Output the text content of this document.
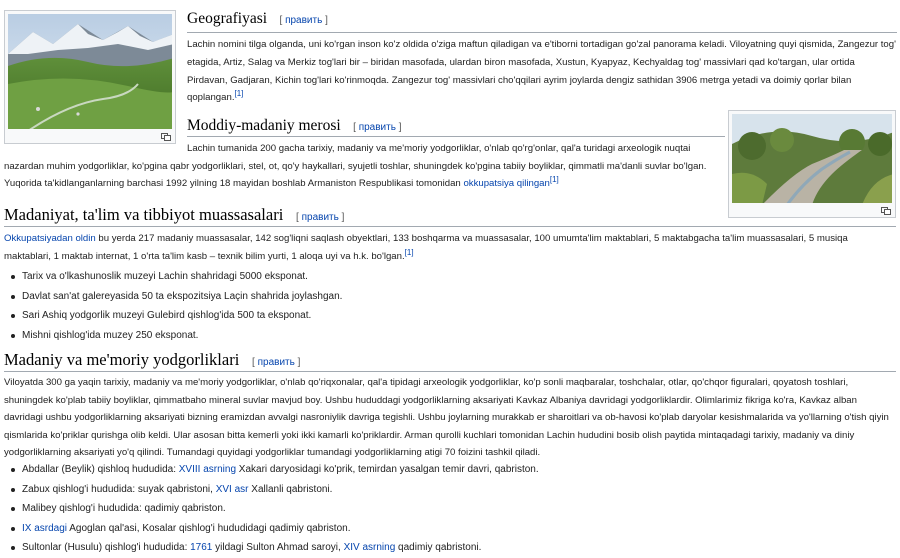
Geografiyasi [ править ]

Lachin nomini tilga olganda, uni ko'rgan inson ko'z oldida o'ziga maftun qiladigan va e'tiborni tortadigan go'zal panorama keladi. Viloyatning quyi qismida, Zangezur tog' etagida, Artiz, Salag va Merkiz tog'lari bir – biridan masofada, ulardan biron masofada, Xustun, Kyapyaz, Kechyaldag tog' massivlari qad ko'targan, ular ortida Pirdavan, Gadjaran, Kichin tog'lari ko'rinmoqda. Zangezur tog' massivlari cho'qqilari ayrim joylarda dengiz sathidan 3906 metrga yetadi va doimiy qorlar bilan qoplangan.[1]

Moddiy-madaniy merosi [ править ]

Lachin tumanida 200 gacha tarixiy, madaniy va me'moriy yodgorliklar, o'nlab qo'rg'onlar, qal'a turidagi arxeologik nuqtai nazardan muhim yodgorliklar, ko'pgina qabr yodgorliklari, stel, ot, qo'y haykallari, syujetli toshlar, shuningdek ko'pgina tabiiy boyliklar, qimmatli ma'danli suvlar bo'lgan. Yuqorida ta'kidlanganlarning barchasi 1992 yilning 18 mayidan boshlab Armaniston Respublikasi tomonidan okkupatsiya qilingan[1]

Madaniyat, ta'lim va tibbiyot muassasalari [ править ]

Okkupatsiyadan oldin bu yerda 217 madaniy muassasalar, 142 sog'liqni saqlash obyektlari, 133 boshqarma va muassasalar, 100 umumta'lim maktablari, 5 maktabgacha ta'lim muassasalari, 5 musiqa maktablari, 1 maktab internat, 1 o'rta ta'lim kasb – texnik bilim yurti, 1 aloqa uyi va h.k. bo'lgan.[1]

Tarix va o'lkashunoslik muzeyi Lachin shahridagi 5000 eksponat.
Davlat san'at galereyasida 50 ta ekspozitsiya Laçin shahrida joylashgan.
Sari Ashiq yodgorlik muzeyi Gulebird qishlog'ida 500 ta eksponat.
Mishni qishlog'ida muzey 250 eksponat.
Madaniy va me'moriy yodgorliklari [ править ]

Viloyatda 300 ga yaqin tarixiy, madaniy va me'moriy yodgorliklar, o'nlab qo'riqxonalar, qal'a tipidagi arxeologik yodgorliklar, ko'p sonli maqbaralar, toshchalar, otlar, qo'chqor figuralari, qoyatosh toshlari, shuningdek ko'plab tabiiy boyliklar, qimmatbaho mineral suvlar mavjud boy. Ushbu hududdagi yodgorliklarning aksariyati Kavkaz Albaniya davridagi yodgorliklardir. Olimlarimiz fikriga ko'ra, Kavkaz alban davridagi ushbu yodgorliklarning aksariyati bizning eramizdan avvalgi nasroniylik davriga tegishli. Ushbu joylarning murakkab er sharoitlari va ob-havosi ko'plab daryolar kesishmalarida va yo'llarning o'tish qiyin qismlarida ko'priklar qurishga olib keldi. Ular asosan bitta kemerli yoki ikki kamarli ko'priklardir. Arman qurolli kuchlari tomonidan Lachin hududini bosib olish paytida mintaqadagi tarixiy, madaniy va diniy yodgorliklarning aksariyati yo'q qilindi. Tumandagi quyidagi yodgorliklar tumandagi yodgorliklarning atigi 70 foizini tashkil qiladi.

Abdallar (Beylik) qishloq hududida: XVIII asrning Xakari daryosidagi ko'prik, temirdan yasalgan temir davri, qabriston.
Zabux qishlog'i hududida: suyak qabristoni, XVI asr Xallanli qabristoni.
Malibey qishlog'i hududida: qadimiy qabriston.
IX asrdagi Agoglan qal'asi, Kosalar qishlog'i hududidagi qadimiy qabriston.
Sultonlar (Husulu) qishlog'i hududida: 1761 yildagi Sulton Ahmad saroyi, XIV asrning qadimiy qabristoni.
